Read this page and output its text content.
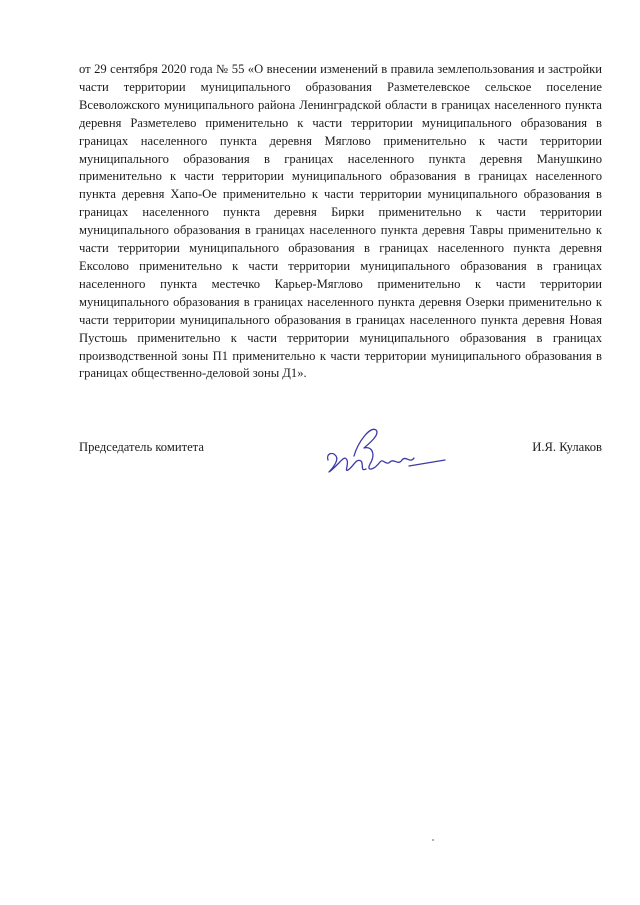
от 29 сентября 2020 года № 55 «О внесении изменений в правила землепользования и застройки части территории муниципального образования Разметелевское сельское поселение Всеволожского муниципального района Ленинградской области в границах населенного пункта деревня Разметелево применительно к части территории муниципального образования в границах населенного пункта деревня Мяглово применительно к части территории муниципального образования в границах населенного пункта деревня Манушкино применительно к части территории муниципального образования в границах населенного пункта деревня Хапо-Ое применительно к части территории муниципального образования в границах населенного пункта деревня Бирки применительно к части территории муниципального образования в границах населенного пункта деревня Тавры применительно к части территории муниципального образования в границах населенного пункта деревня Ексолово применительно к части территории муниципального образования в границах населенного пункта местечко Карьер-Мяглово применительно к части территории муниципального образования в границах населенного пункта деревня Озерки применительно к части территории муниципального образования в границах населенного пункта деревня Новая Пустошь применительно к части территории муниципального образования в границах производственной зоны П1 применительно к части территории муниципального образования в границах общественно-деловой зоны Д1».

Председатель комитета	И.Я. Кулаков
